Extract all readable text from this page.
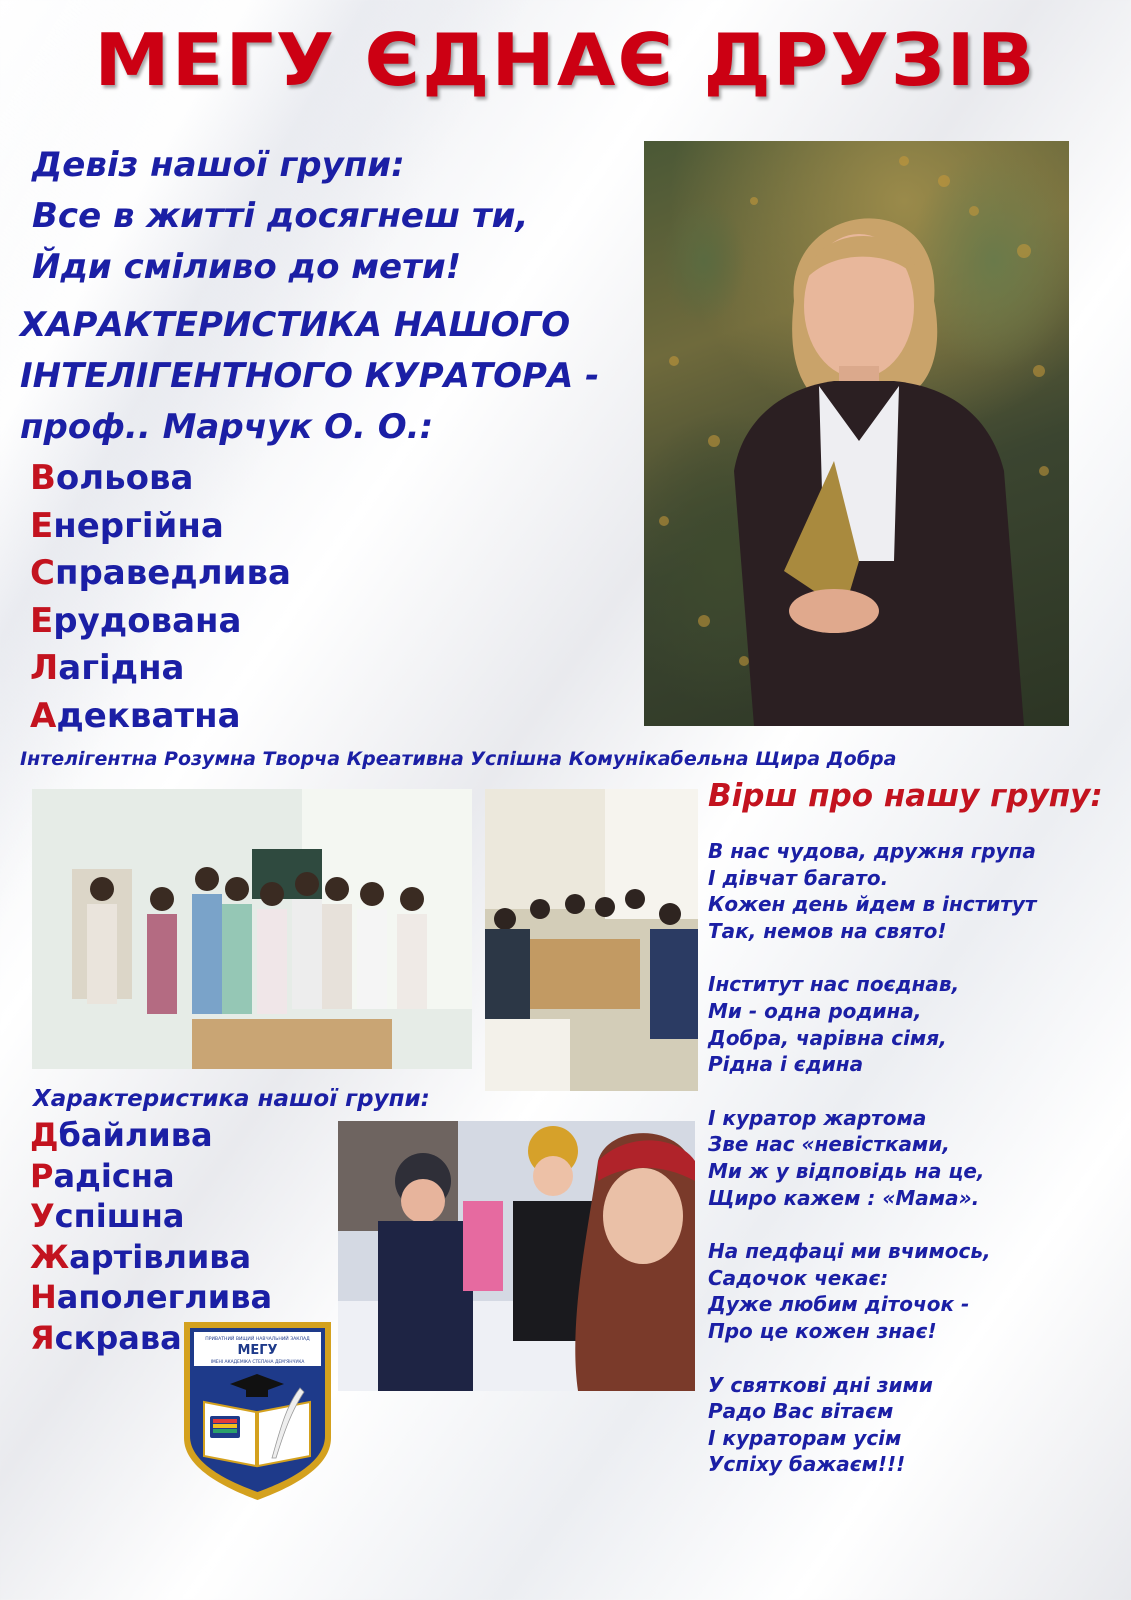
МЕГУ ЄДНАЄ ДРУЗІВ
Девіз нашої групи:
Все в житті досягнеш ти,
Йди сміливо до мети!
ХАРАКТЕРИСТИКА НАШОГО
ІНТЕЛІГЕНТНОГО КУРАТОРА -
проф.. Марчук О. О.:
Вольова
Енергійна
Справедлива
Ерудована
Лагідна
Адекватна
Інтелігентна Розумна Творча Креативна Успішна Комунікабельна Щира Добра
Вірш про нашу групу:
В нас чудова, дружня група
І дівчат багато.
Кожен день йдем в інститут
Так, немов на свято!
Інститут нас поєднав,
Ми - одна родина,
Добра, чарівна сімя,
Рідна і єдина
І куратор жартома
Зве нас «невістками,
Ми ж у відповідь на це,
Щиро кажем : «Мама».
На педфаці ми вчимось,
Садочок чекає:
Дуже любим діточок -
Про це кожен знає!
У святкові дні зими
Радо Вас вітаєм
І кураторам усім
Успіху бажаєм!!!
Характеристика нашої групи:
Дбайлива
Радісна
Успішна
Жартівлива
Наполеглива
Яскрава	ПРИВАТНИЙ ВИЩИЙ НАВЧАЛЬНИЙ ЗАКЛАД
МЕГУ
ІМЕНІ АКАДЕМІКА СТЕПАНА ДЕМ'ЯНЧУКА
